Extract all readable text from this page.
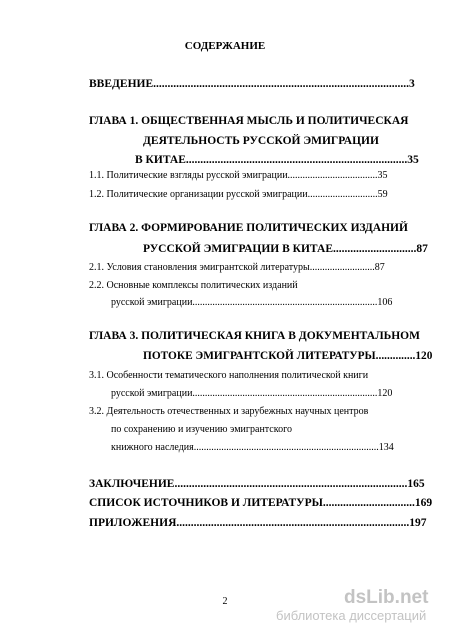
СОДЕРЖАНИЕ
ВВЕДЕНИЕ.........................................................................................3
ГЛАВА 1. ОБЩЕСТВЕННАЯ МЫСЛЬ И ПОЛИТИЧЕСКАЯ
ДЕЯТЕЛЬНОСТЬ РУССКОЙ ЭМИГРАЦИИ
В КИТАЕ.............................................................................35
1.1. Политические взгляды русской эмиграции....................................35
1.2. Политические организации русской эмиграции............................59
ГЛАВА 2. ФОРМИРОВАНИЕ ПОЛИТИЧЕСКИХ ИЗДАНИЙ
РУССКОЙ ЭМИГРАЦИИ В КИТАЕ.............................87
2.1. Условия становления эмигрантской литературы..........................87
2.2. Основные комплексы политических изданий
русской эмиграции..........................................................................106
ГЛАВА 3. ПОЛИТИЧЕСКАЯ КНИГА В ДОКУМЕНТАЛЬНОМ
ПОТОКЕ ЭМИГРАНТСКОЙ ЛИТЕРАТУРЫ..............120
3.1. Особенности тематического наполнения политической книги
русской эмиграции..........................................................................120
3.2. Деятельность отечественных и зарубежных научных центров
по сохранению и изучению эмигрантского
книжного наследия..........................................................................134
ЗАКЛЮЧЕНИЕ.................................................................................165
СПИСОК ИСТОЧНИКОВ И ЛИТЕРАТУРЫ................................169
ПРИЛОЖЕНИЯ.................................................................................197
2	dsLib.net
библиотека диссертаций
